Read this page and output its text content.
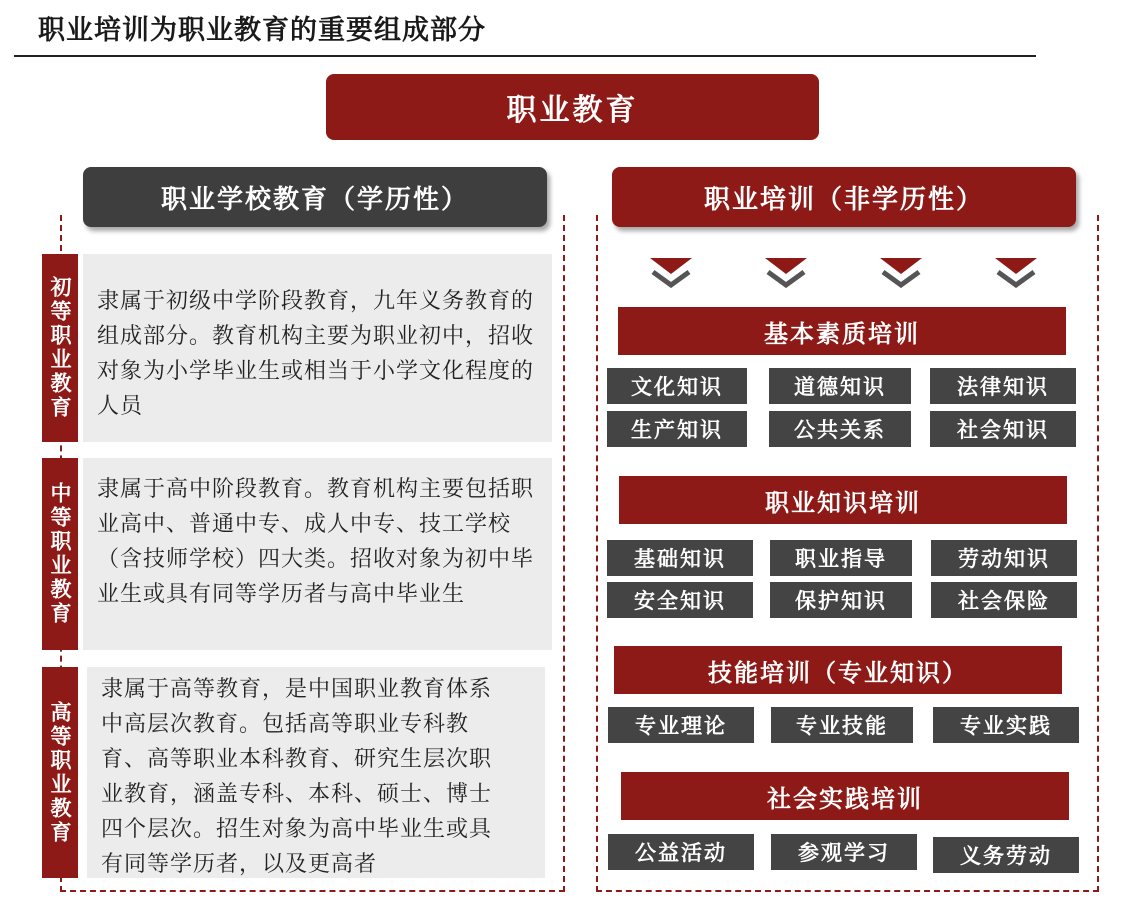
职业培训为职业教育的重要组成部分
职业教育
职业学校教育（学历性）
初等职业教育	隶属于初级中学阶段教育，九年义务教育的组成部分。教育机构主要为职业初中，招收对象为小学毕业生或相当于小学文化程度的人员
中等职业教育	隶属于高中阶段教育。教育机构主要包括职业高中、普通中专、成人中专、技工学校（含技师学校）四大类。招收对象为初中毕业生或具有同等学历者与高中毕业生
高等职业教育
隶属于高等教育，是中国职业教育体系中高层次教育。包括高等职业专科教育、高等职业本科教育、研究生层次职业教育，涵盖专科、本科、硕士、博士四个层次。招生对象为高中毕业生或具有同等学历者，以及更高者
职业培训（非学历性）
基本素质培训
文化知识	道德知识	法律知识
生产知识	公共关系	社会知识
职业知识培训
基础知识	职业指导	劳动知识
安全知识	保护知识	社会保险
技能培训（专业知识）
专业理论	专业技能	专业实践
社会实践培训
公益活动	参观学习	义务劳动
